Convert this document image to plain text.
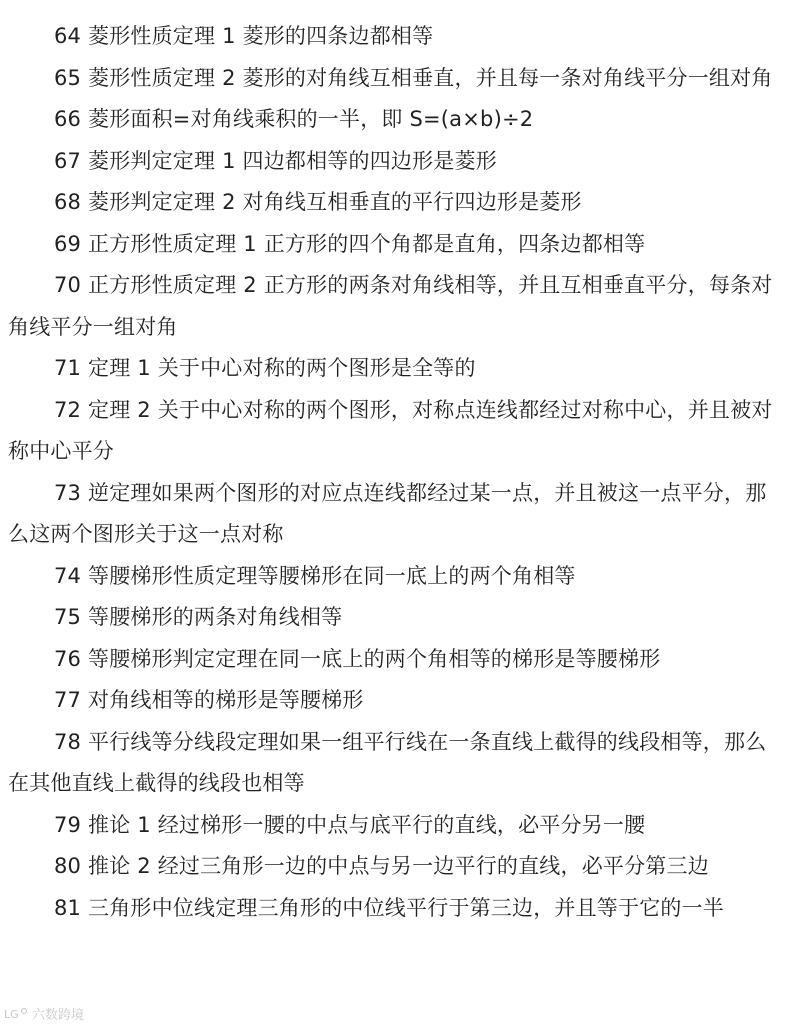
64 菱形性质定理 1 菱形的四条边都相等
65 菱形性质定理 2 菱形的对角线互相垂直，并且每一条对角线平分一组对角
66 菱形面积=对角线乘积的一半，即 S=(a×b)÷2
67 菱形判定定理 1 四边都相等的四边形是菱形
68 菱形判定定理 2 对角线互相垂直的平行四边形是菱形
69 正方形性质定理 1 正方形的四个角都是直角，四条边都相等
70 正方形性质定理 2 正方形的两条对角线相等，并且互相垂直平分，每条对角线平分一组对角
71 定理 1 关于中心对称的两个图形是全等的
72 定理 2 关于中心对称的两个图形，对称点连线都经过对称中心，并且被对称中心平分
73 逆定理如果两个图形的对应点连线都经过某一点，并且被这一点平分，那么这两个图形关于这一点对称
74 等腰梯形性质定理等腰梯形在同一底上的两个角相等
75 等腰梯形的两条对角线相等
76 等腰梯形判定定理在同一底上的两个角相等的梯形是等腰梯形
77 对角线相等的梯形是等腰梯形
78 平行线等分线段定理如果一组平行线在一条直线上截得的线段相等，那么在其他直线上截得的线段也相等
79 推论 1 经过梯形一腰的中点与底平行的直线，必平分另一腰
80 推论 2 经过三角形一边的中点与另一边平行的直线，必平分第三边
81 三角形中位线定理三角形的中位线平行于第三边，并且等于它的一半
LG 六数跨境
